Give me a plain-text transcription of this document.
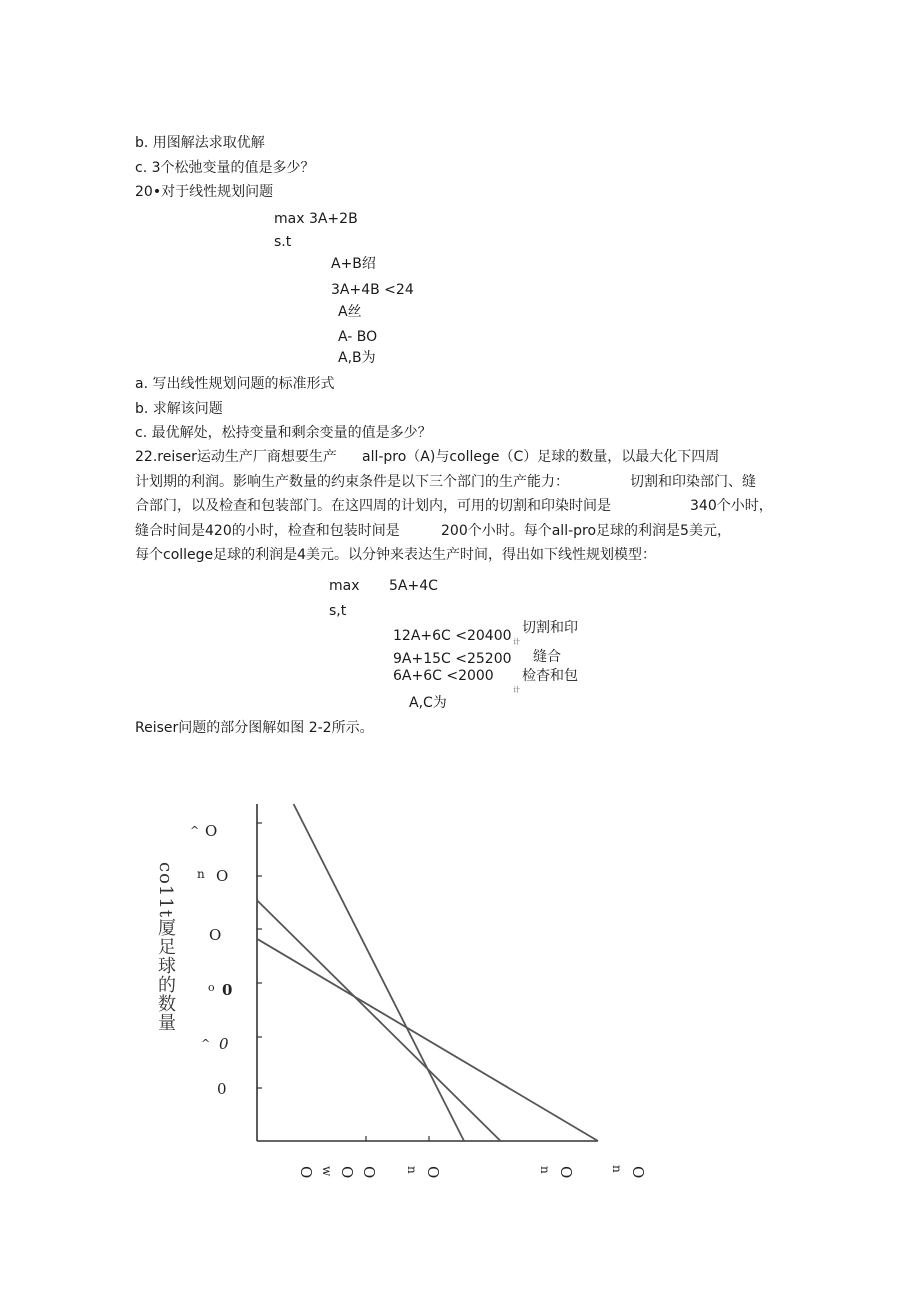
b. 用图解法求取优解
c. 3个松弛变量的值是多少？
20•对于线性规划问题
max 3A+2B
s.t
A+B绍
3A+4B <24
A丝
A- BO
A,B为
a. 写出线性规划问题的标准形式
b. 求解该问题
c. 最优解处，松持变量和剩余变量的值是多少？
22.reiser运动生产厂商想要生产 all-pro（A)与college（C）足球的数量，以最大化下四周
计划期的利润。影响生产数量的约束条件是以下三个部门的生产能力：	切割和印染部门、缝
合部门，以及检查和包装部门。在这四周的计划内，可用的切割和印染时间是	340个小时，
缝合时间是420的小时，检查和包装时间是	200个小时。每个all-pro足球的利润是5美元，
每个college足球的利润是4美元。以分钟来表达生产时间，得出如下线性规划模型：
max 5A+4C
s,t
12A+6C <20400 切割和印
计
9A+15C <25200 缝合
6A+6C <2000 检杳和包
计
A,C为
Reiser问题的部分图解如图 2-2所示。
co11t厦足球的数量
O
^
O
n
O
o 0
0
^
0
O w O O n O	n O	n O
